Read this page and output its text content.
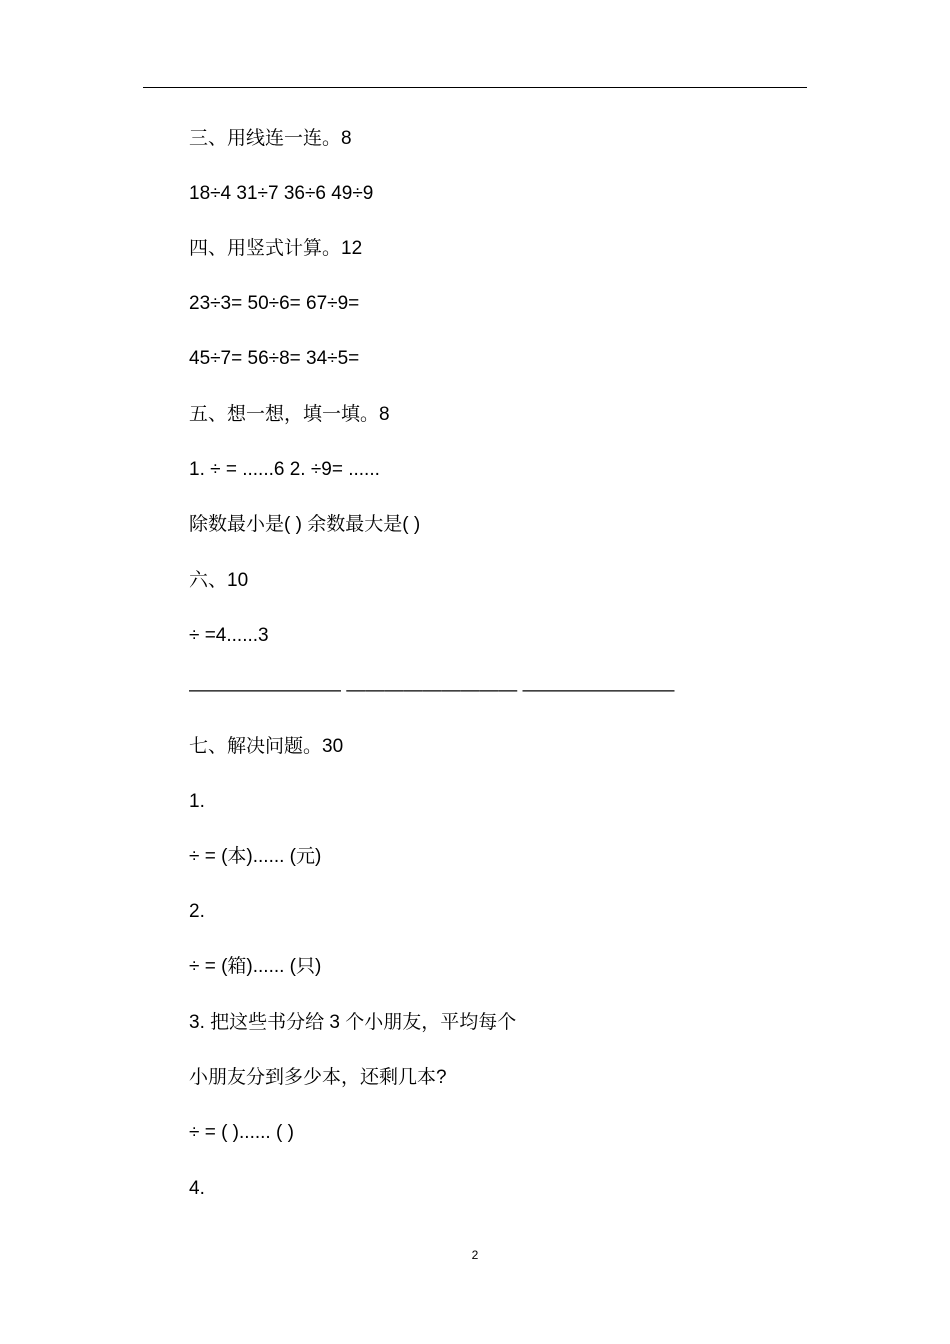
三、用线连一连。8
18÷4 31÷7 36÷6 49÷9
四、用竖式计算。12
23÷3= 50÷6= 67÷9=
45÷7= 56÷8= 34÷5=
五、想一想，填一填。8
1. ÷ = ......6 2. ÷9= ......
除数最小是( ) 余数最大是( )
六、10
÷ =4......3
———————— ————————— ————————
七、解决问题。30
1.
÷ = (本)...... (元)
2.
÷ = (箱)...... (只)
3. 把这些书分给 3 个小朋友，平均每个
小朋友分到多少本，还剩几本?
÷ = ( )...... ( )
4.
2
